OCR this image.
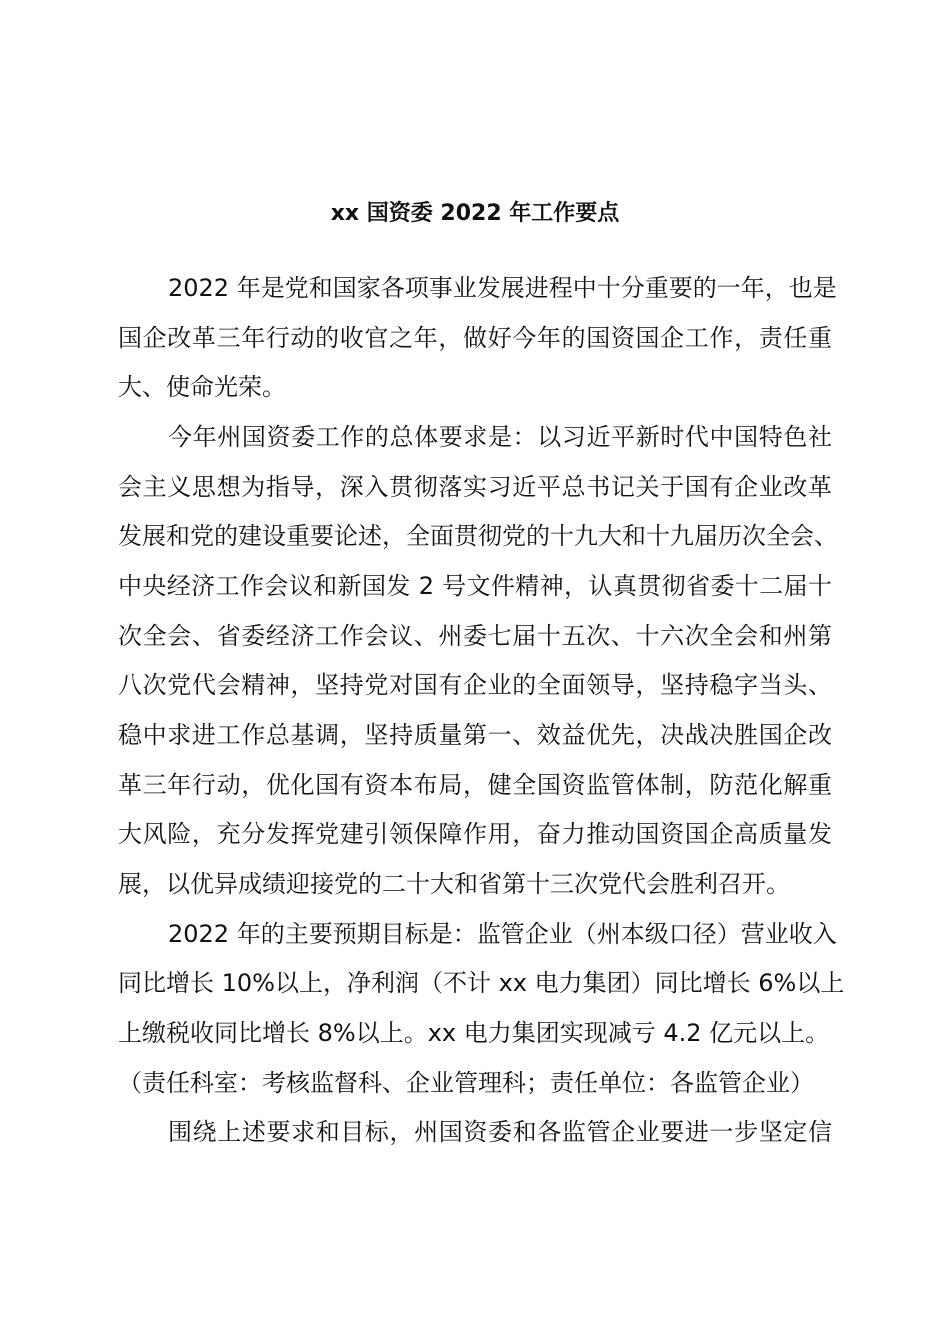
xx 国资委 2022 年工作要点

2022 年是党和国家各项事业发展进程中十分重要的一年，也是

国企改革三年行动的收官之年，做好今年的国资国企工作，责任重

大、使命光荣。

今年州国资委工作的总体要求是：以习近平新时代中国特色社

会主义思想为指导，深入贯彻落实习近平总书记关于国有企业改革

发展和党的建设重要论述，全面贯彻党的十九大和十九届历次全会、

中央经济工作会议和新国发 2 号文件精神，认真贯彻省委十二届十

次全会、省委经济工作会议、州委七届十五次、十六次全会和州第

八次党代会精神，坚持党对国有企业的全面领导，坚持稳字当头、

稳中求进工作总基调，坚持质量第一、效益优先，决战决胜国企改

革三年行动，优化国有资本布局，健全国资监管体制，防范化解重

大风险，充分发挥党建引领保障作用，奋力推动国资国企高质量发

展，以优异成绩迎接党的二十大和省第十三次党代会胜利召开。

2022 年的主要预期目标是：监管企业（州本级口径）营业收入

同比增长 10%以上，净利润（不计 xx 电力集团）同比增长 6%以上

上缴税收同比增长 8%以上。xx 电力集团实现减亏 4.2 亿元以上。

（责任科室：考核监督科、企业管理科；责任单位：各监管企业）

围绕上述要求和目标，州国资委和各监管企业要进一步坚定信
